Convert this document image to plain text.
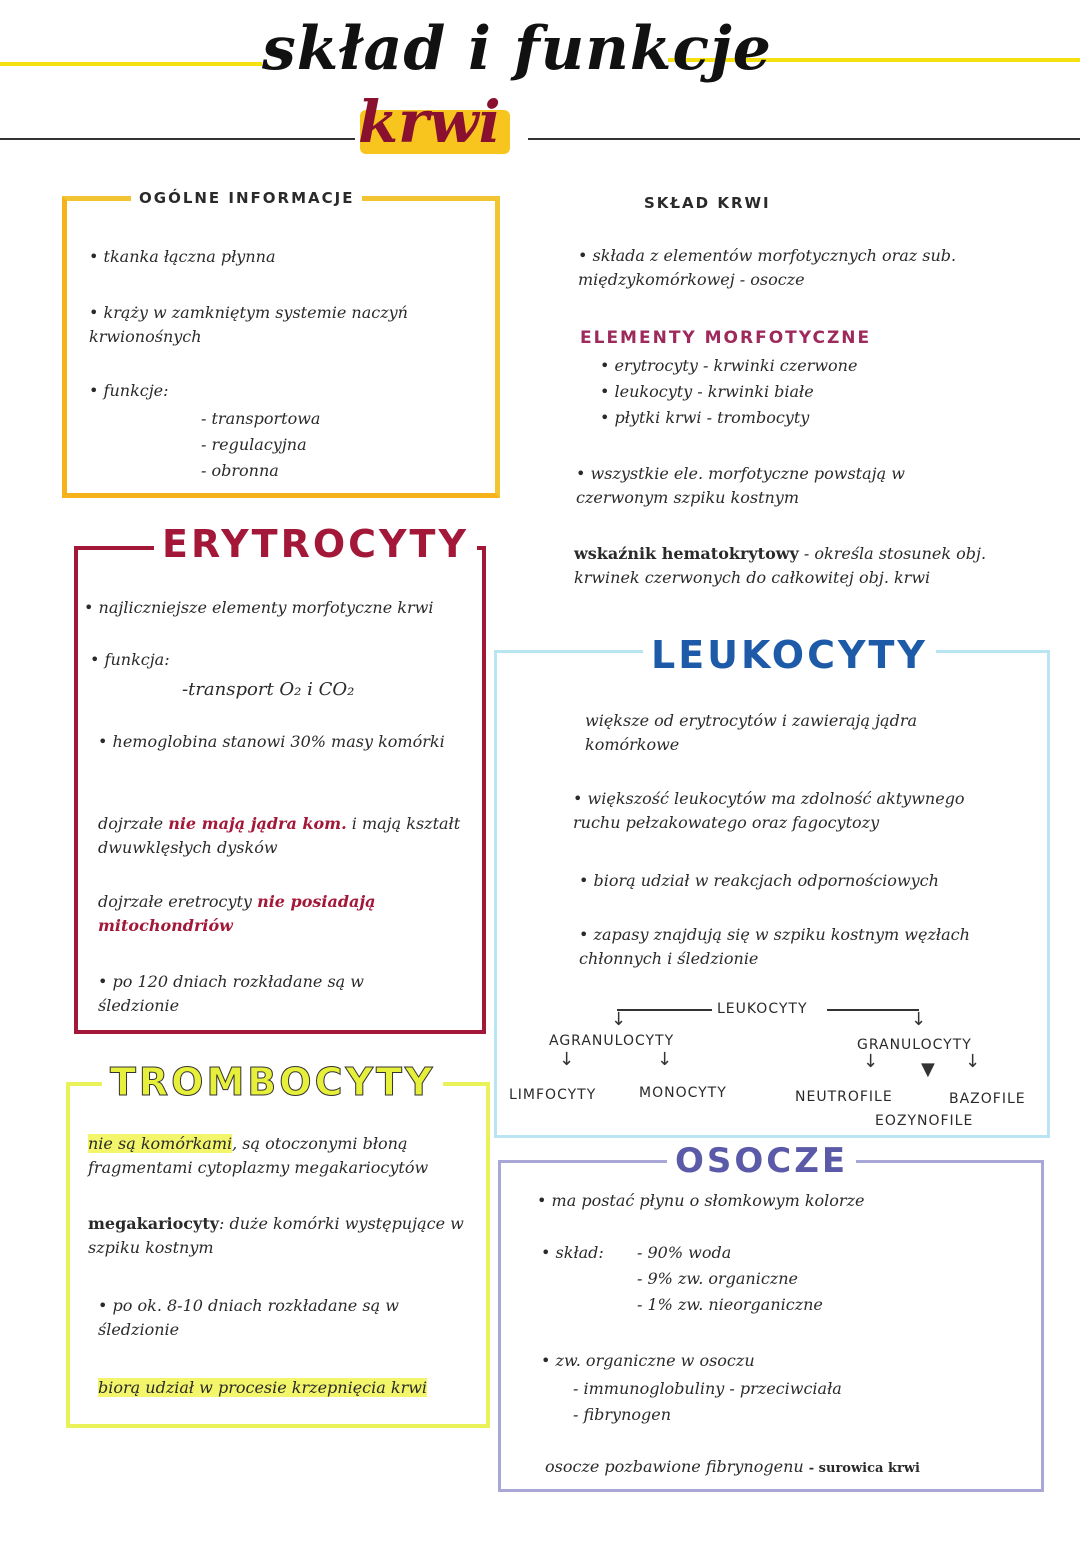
skład i funkcje
krwi
OGÓLNE INFORMACJE
• tkanka łączna płynna
• krąży w zamkniętym systemie naczyń krwionośnych
• funkcje:
- transportowa
- regulacyjna
- obronna
SKŁAD KRWI
• składa z elementów morfotycznych oraz sub. międzykomórkowej - osocze
ELEMENTY MORFOTYCZNE
• erytrocyty - krwinki czerwone
• leukocyty - krwinki białe
• płytki krwi - trombocyty
• wszystkie ele. morfotyczne powstają w czerwonym szpiku kostnym
wskaźnik hematokrytowy - określa stosunek obj. krwinek czerwonych do całkowitej obj. krwi
ERYTROCYTY
• najliczniejsze elementy morfotyczne krwi
• funkcja:
-transport O₂ i CO₂
• hemoglobina stanowi 30% masy komórki
dojrzałe nie mają jądra kom. i mają kształt dwuwklęsłych dysków
dojrzałe eretrocyty nie posiadają mitochondriów
• po 120 dniach rozkładane są w śledzionie
LEUKOCYTY
większe od erytrocytów i zawierają jądra komórkowe
• większość leukocytów ma zdolność aktywnego ruchu pełzakowatego oraz fagocytozy
• biorą udział w reakcjach odpornościowych
• zapasy znajdują się w szpiku kostnym węzłach chłonnych i śledzionie
LEUKOCYTY
↓	↓
AGRANULOCYTY	GRANULOCYTY
↓	↓	↓ ▼ ↓
LIMFOCYTY	MONOCYTY	NEUTROFILE	BAZOFILE
EOZYNOFILE
TROMBOCYTY
nie są komórkami, są otoczonymi błoną fragmentami cytoplazmy megakariocytów
megakariocyty: duże komórki występujące w szpiku kostnym
• po ok. 8-10 dniach rozkładane są w śledzionie
biorą udział w procesie krzepnięcia krwi
OSOCZE
• ma postać płynu o słomkowym kolorze
• skład: - 90% woda
- 9% zw. organiczne
- 1% zw. nieorganiczne
• zw. organiczne w osoczu
- immunoglobuliny - przeciwciała
- fibrynogen
osocze pozbawione fibrynogenu - surowica krwi
